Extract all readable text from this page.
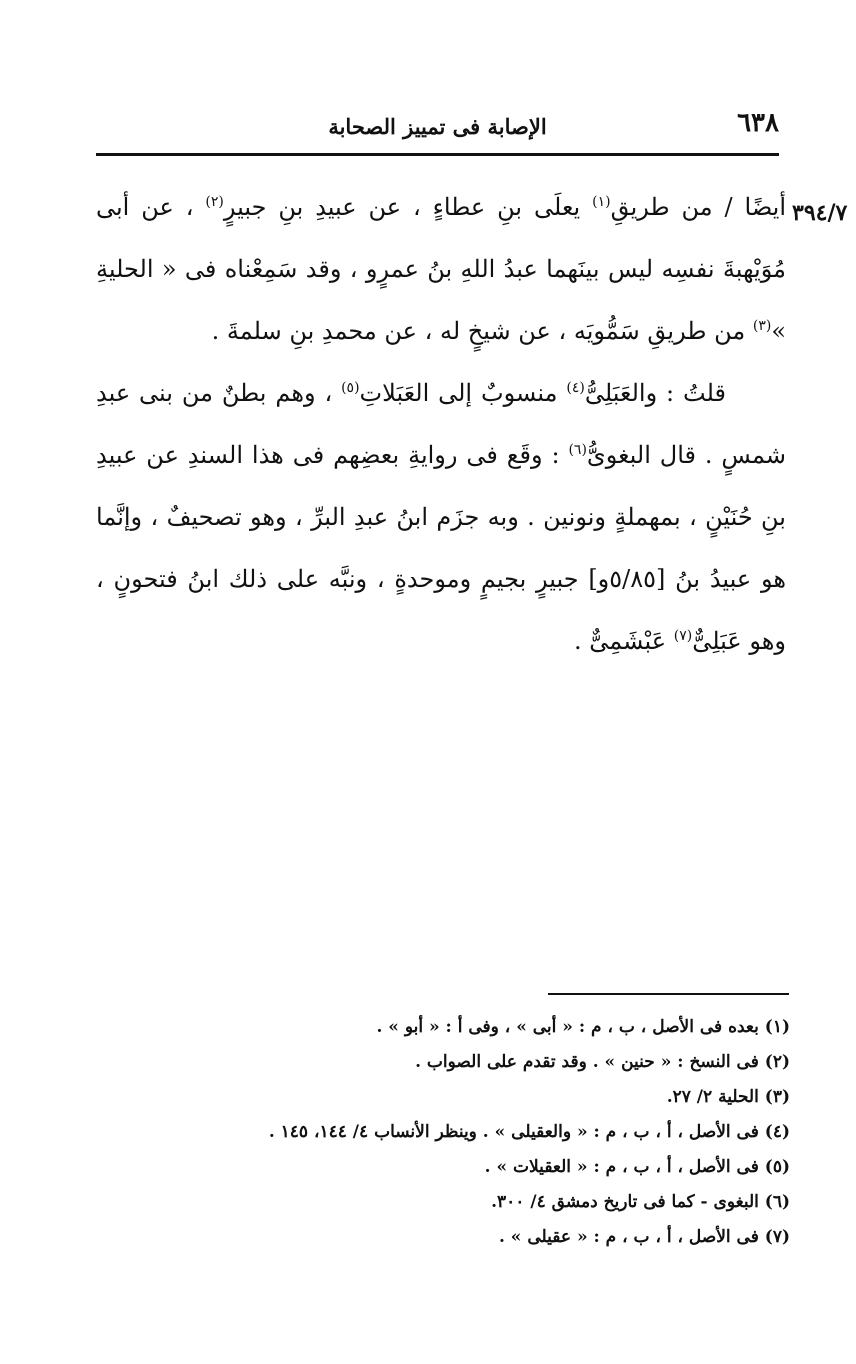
٦٣٨
الإصابة فى تمييز الصحابة
٣٩٤/٧

أيضًا / من طريقِ$^{(١)}$ يعلَى بنِ عطاءٍ ، عن عبيدِ بنِ جبيرٍ$^{(٢)}$ ، عن أبى مُوَيْهبةَ نفسِه ليس بينَهما عبدُ اللهِ بنُ عمرٍو ، وقد سَمِعْناه فى « الحليةِ »$^{(٣)}$ من طريقِ سَمُّويَه ، عن شيخٍ له ، عن محمدِ بنِ سلمةَ .

قلتُ : والعَبَلِىُّ$^{(٤)}$ منسوبٌ إلى العَبَلاتِ$^{(٥)}$ ، وهم بطنٌ من بنى عبدِ شمسٍ . قال البغوىُّ$^{(٦)}$ : وقَع فى روايةِ بعضِهم فى هذا السندِ عن عبيدِ بنِ حُنَيْنٍ ، بمهملةٍ ونونين . وبه جزَم ابنُ عبدِ البرِّ ، وهو تصحيفٌ ، وإنَّما هو عبيدُ بنُ [٥/٨٥و] جبيرٍ بجيمٍ وموحدةٍ ، ونبَّه على ذلك ابنُ فتحونٍ ، وهو عَبَلِىٌّ$^{(٧)}$ عَبْشَمِىٌّ .

(١) بعده فى الأصل ، ب ، م : « أبى » ، وفى أ : « أبو » .
(٢) فى النسخ : « حنين » . وقد تقدم على الصواب .
(٣) الحلية ٢/ ٢٧.
(٤) فى الأصل ، أ ، ب ، م : « والعقيلى » . وينظر الأنساب ٤/ ١٤٤، ١٤٥ .
(٥) فى الأصل ، أ ، ب ، م : « العقيلات » .
(٦) البغوى - كما فى تاريخ دمشق ٤/ ٣٠٠.
(٧) فى الأصل ، أ ، ب ، م : « عقيلى » .
